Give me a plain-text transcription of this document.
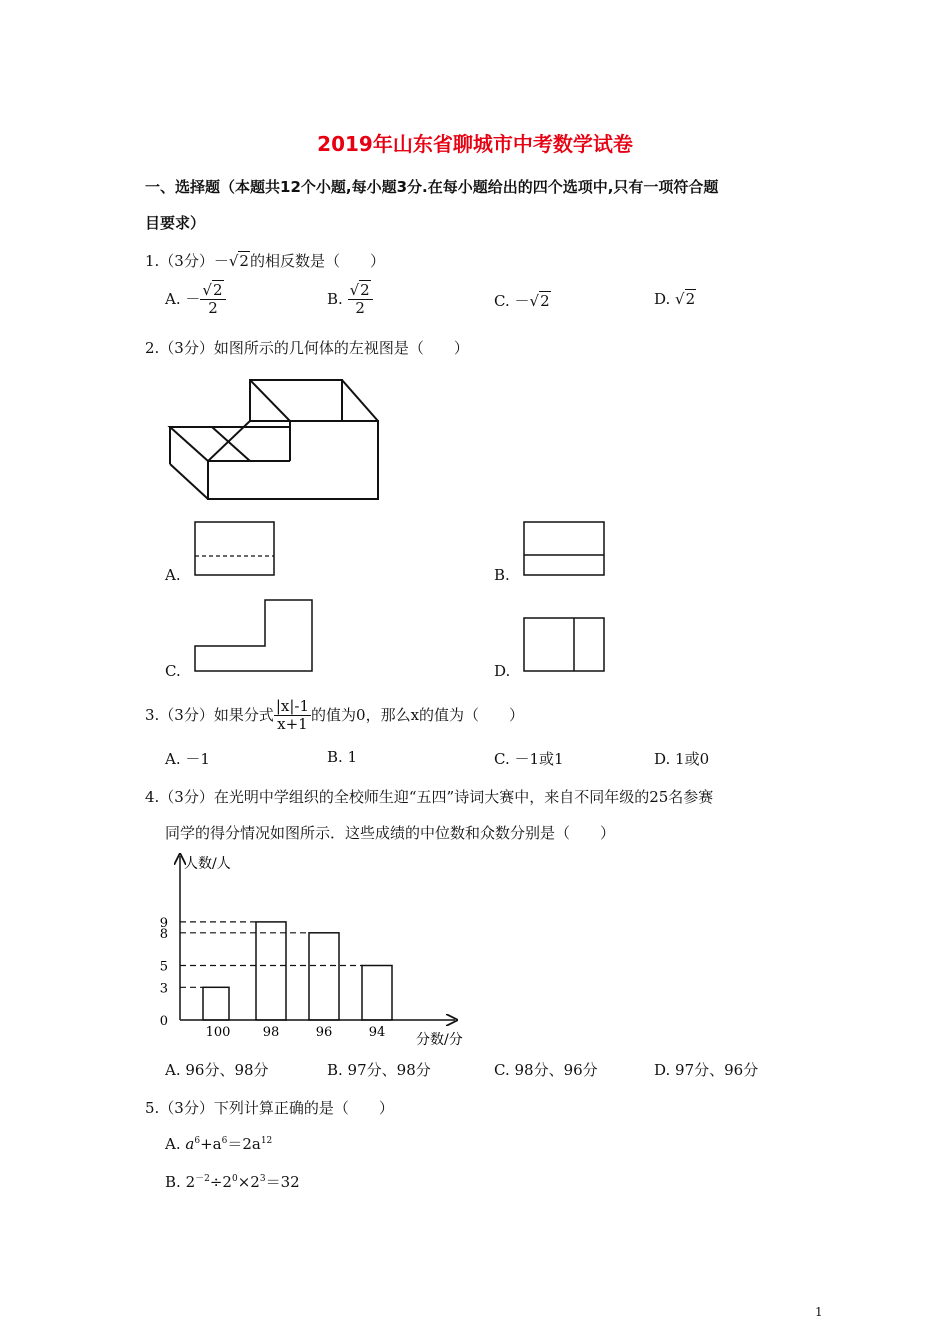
2019年山东省聊城市中考数学试卷
一、选择题（本题共12个小题,每小题3分.在每小题给出的四个选项中,只有一项符合题
目要求）
1.（3分）－√2的相反数是（　　）
A. － $\frac{√2}{2}$	B. $\frac{√2}{2}$	C. －√2	D. √2
2.（3分）如图所示的几何体的左视图是（　　）
A.	B.
C.	D.
3.（3分）如果分式 $\frac{|x|-1}{x+1}$ 的值为0，那么x的值为（　　）
A. －1	B. 1	C. －1或1	D. 1或0
4.（3分）在光明中学组织的全校师生迎“五四”诗词大赛中，来自不同年级的25名参赛
同学的得分情况如图所示．这些成绩的中位数和众数分别是（　　）
人数/人
分数/分
0
3
5
8
9
100 98	96	94
A. 96分、98分	B. 97分、98分	C. 98分、96分	D. 97分、96分
5.（3分）下列计算正确的是（　　）
A. $a^6+a^6=2a^{12}$
B. $2^{-2}\div 2^0\times 2^3=32$
1
